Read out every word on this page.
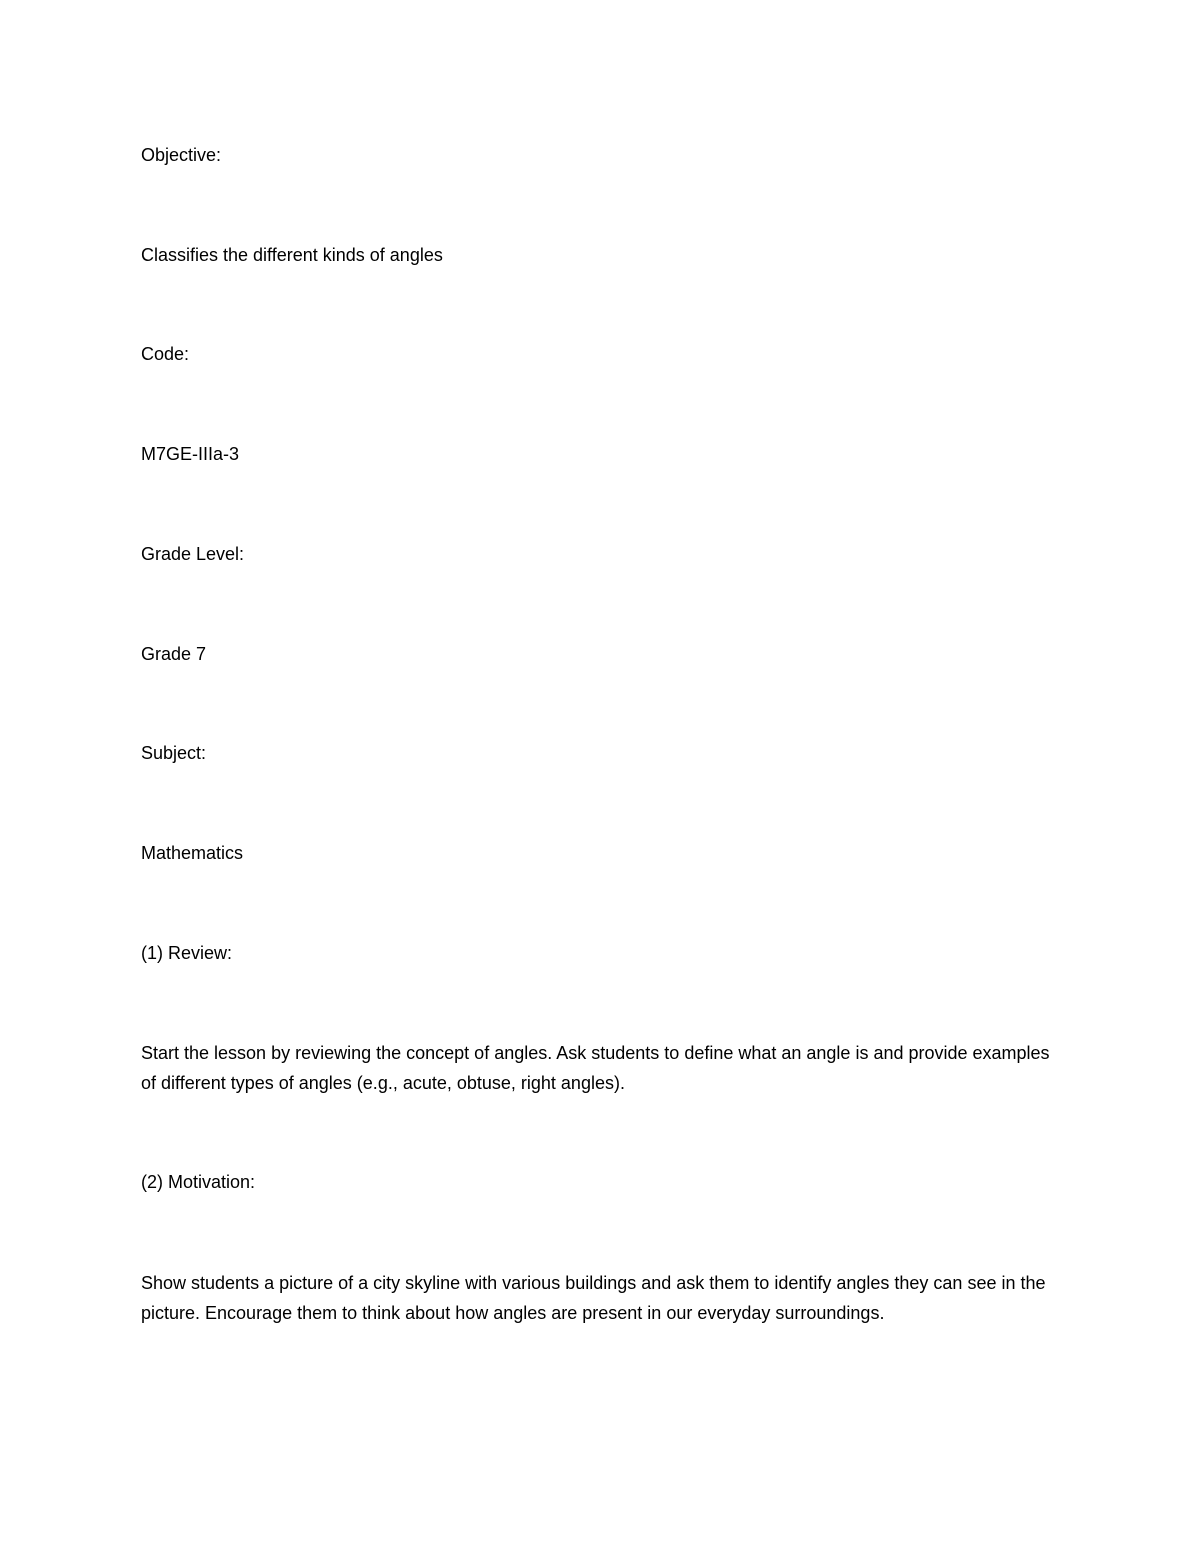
Objective:

Classifies the different kinds of angles

Code:

M7GE-IIIa-3

Grade Level:

Grade 7

Subject:

Mathematics

(1) Review:

Start the lesson by reviewing the concept of angles. Ask students to define what an angle is and provide examples of different types of angles (e.g., acute, obtuse, right angles).

(2) Motivation:

Show students a picture of a city skyline with various buildings and ask them to identify angles they can see in the picture. Encourage them to think about how angles are present in our everyday surroundings.
